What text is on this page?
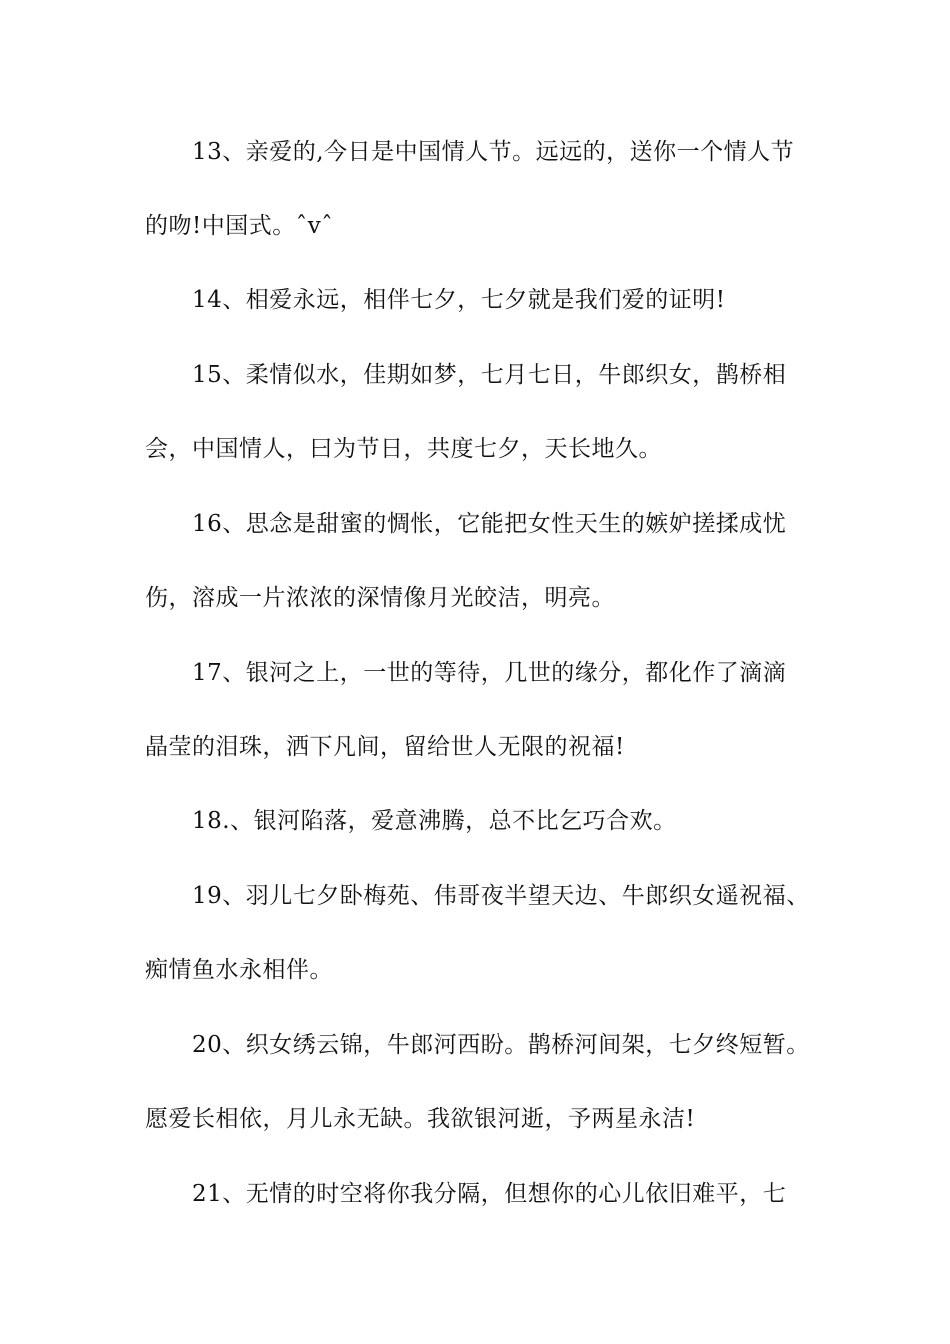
13、亲爱的,今日是中国情人节。远远的，送你一个情人节
的吻!中国式。ˆvˆ
14、相爱永远，相伴七夕，七夕就是我们爱的证明!
15、柔情似水，佳期如梦，七月七日，牛郎织女，鹊桥相
会，中国情人，曰为节日，共度七夕，天长地久。
16、思念是甜蜜的惆怅，它能把女性天生的嫉妒搓揉成忧
伤，溶成一片浓浓的深情像月光皎洁，明亮。
17、银河之上，一世的等待，几世的缘分，都化作了滴滴
晶莹的泪珠，洒下凡间，留给世人无限的祝福!
18.、银河陷落，爱意沸腾，总不比乞巧合欢。
19、羽儿七夕卧梅苑、伟哥夜半望天边、牛郎织女遥祝福、
痴情鱼水永相伴。
20、织女绣云锦，牛郎河西盼。鹊桥河间架，七夕终短暂。
愿爱长相依，月儿永无缺。我欲银河逝，予两星永洁!
21、无情的时空将你我分隔，但想你的心儿依旧难平，七
